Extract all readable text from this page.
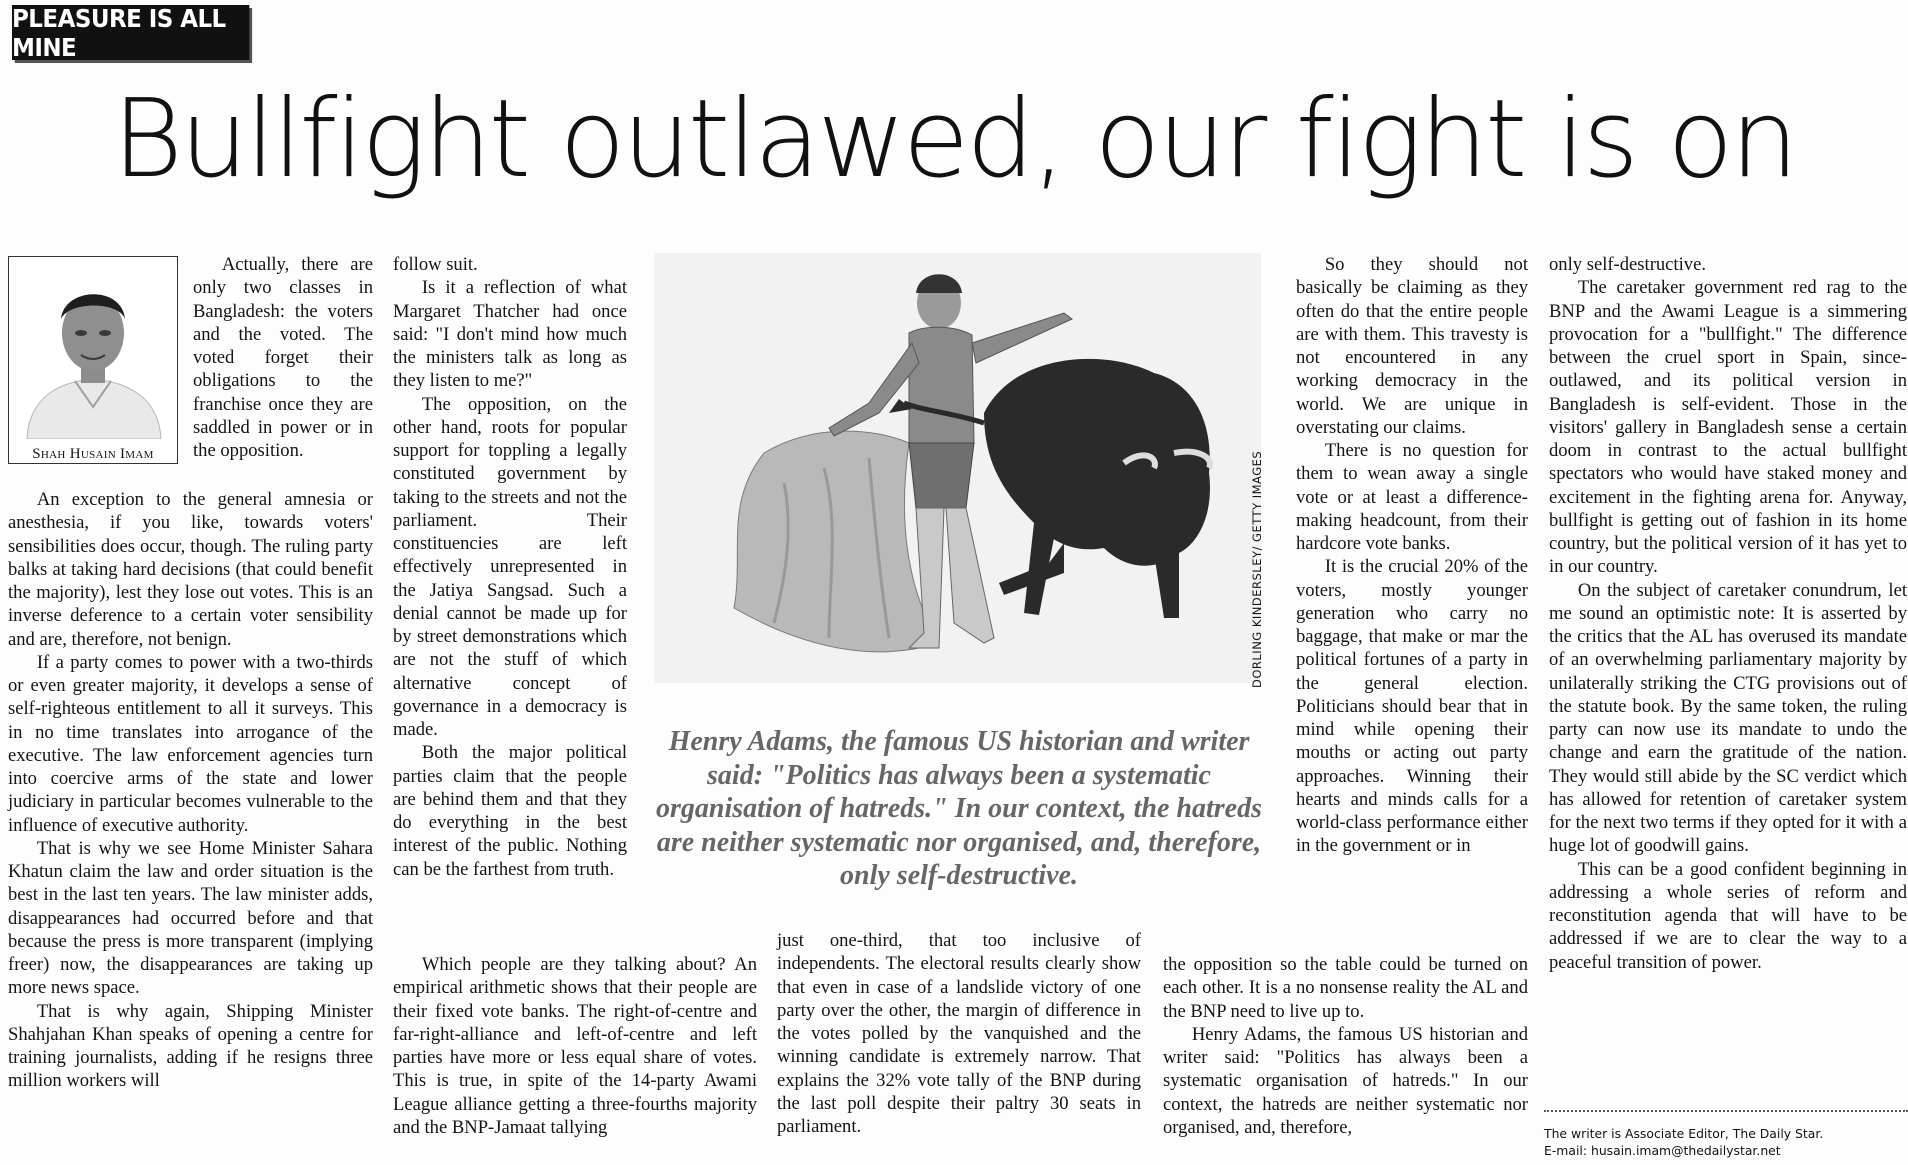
PLEASURE IS ALL MINE
Bullfight outlawed, our fight is on
Shah Husain Imam

Actually, there are only two classes in Bangladesh: the voters and the voted. The voted forget their obligations to the franchise once they are saddled in power or in the opposition.

An exception to the general amnesia or anesthesia, if you like, towards voters' sensibilities does occur, though. The ruling party balks at taking hard decisions (that could benefit the majority), lest they lose out votes. This is an inverse deference to a certain voter sensibility and are, therefore, not benign.

If a party comes to power with a two-thirds or even greater majority, it develops a sense of self-righteous entitlement to all it surveys. This in no time translates into arrogance of the executive. The law enforcement agencies turn into coercive arms of the state and lower judiciary in particular becomes vulnerable to the influence of executive authority.

That is why we see Home Minister Sahara Khatun claim the law and order situation is the best in the last ten years. The law minister adds, disappearances had occurred before and that because the press is more transparent (implying freer) now, the disappearances are taking up more news space.

That is why again, Shipping Minister Shahjahan Khan speaks of opening a centre for training journalists, adding if he resigns three million workers will

follow suit.

Is it a reflection of what Margaret Thatcher had once said: "I don't mind how much the ministers talk as long as they listen to me?"

The opposition, on the other hand, roots for popular support for toppling a legally constituted government by taking to the streets and not the parliament. Their constituencies are left effectively unrepresented in the Jatiya Sangsad. Such a denial cannot be made up for by street demonstrations which are not the stuff of which alternative concept of governance in a democracy is made.

Both the major political parties claim that the people are behind them and that they do everything in the best interest of the public. Nothing can be the farthest from truth.

Which people are they talking about? An empirical arithmetic shows that their people are their fixed vote banks. The right-of-centre and far-right-alliance and left-of-centre and left parties have more or less equal share of votes. This is true, in spite of the 14-party Awami League alliance getting a three-fourths majority and the BNP-Jamaat tallying

DORLING KINDERSLEY/ GETTY IMAGES
Henry Adams, the famous US historian and writer said: "Politics has always been a systematic organisation of hatreds." In our context, the hatreds are neither systematic nor organised, and, therefore, only self-destructive.

just one-third, that too inclusive of independents. The electoral results clearly show that even in case of a landslide victory of one party over the other, the margin of difference in the votes polled by the vanquished and the winning candidate is extremely narrow. That explains the 32% vote tally of the BNP during the last poll despite their paltry 30 seats in parliament.

So they should not basically be claiming as they often do that the entire people are with them. This travesty is not encountered in any working democracy in the world. We are unique in overstating our claims.

There is no question for them to wean away a single vote or at least a difference-making headcount, from their hardcore vote banks.

It is the crucial 20% of the voters, mostly younger generation who carry no baggage, that make or mar the political fortunes of a party in the general election. Politicians should bear that in mind while opening their mouths or acting out party approaches. Winning their hearts and minds calls for a world-class performance either in the government or in

the opposition so the table could be turned on each other. It is a no nonsense reality the AL and the BNP need to live up to.

Henry Adams, the famous US historian and writer said: "Politics has always been a systematic organisation of hatreds." In our context, the hatreds are neither systematic nor organised, and, therefore,

only self-destructive.

The caretaker government red rag to the BNP and the Awami League is a simmering provocation for a "bullfight." The difference between the cruel sport in Spain, since-outlawed, and its political version in Bangladesh is self-evident. Those in the visitors' gallery in Bangladesh sense a certain doom in contrast to the actual bullfight spectators who would have staked money and excitement in the fighting arena for. Anyway, bullfight is getting out of fashion in its home country, but the political version of it has yet to in our country.

On the subject of caretaker conundrum, let me sound an optimistic note: It is asserted by the critics that the AL has overused its mandate of an overwhelming parliamentary majority by unilaterally striking the CTG provisions out of the statute book. By the same token, the ruling party can now use its mandate to undo the change and earn the gratitude of the nation. They would still abide by the SC verdict which has allowed for retention of caretaker system for the next two terms if they opted for it with a huge lot of goodwill gains.

This can be a good confident beginning in addressing a whole series of reform and reconstitution agenda that will have to be addressed if we are to clear the way to a peaceful transition of power.

The writer is Associate Editor, The Daily Star.
E-mail: husain.imam@thedailystar.net
